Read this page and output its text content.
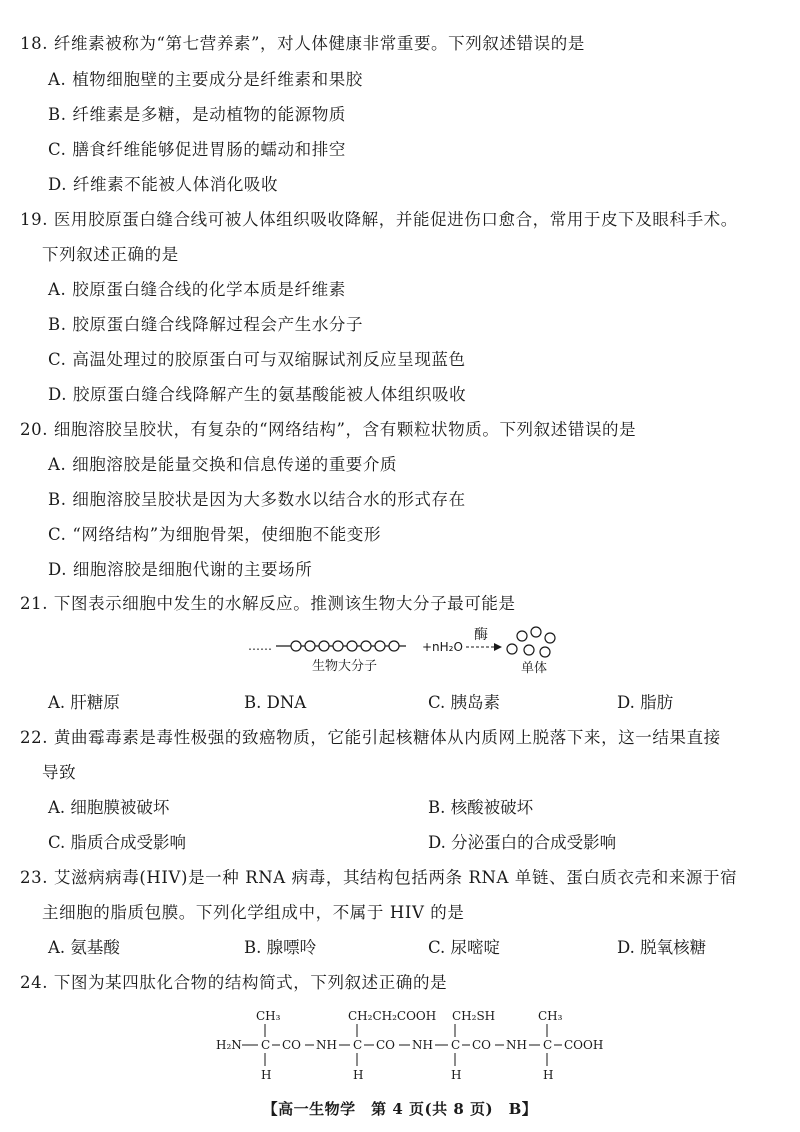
18. 纤维素被称为“第七营养素”，对人体健康非常重要。下列叙述错误的是
A. 植物细胞壁的主要成分是纤维素和果胶
B. 纤维素是多糖，是动植物的能源物质
C. 膳食纤维能够促进胃肠的蠕动和排空
D. 纤维素不能被人体消化吸收
19. 医用胶原蛋白缝合线可被人体组织吸收降解，并能促进伤口愈合，常用于皮下及眼科手术。
下列叙述正确的是
A. 胶原蛋白缝合线的化学本质是纤维素
B. 胶原蛋白缝合线降解过程会产生水分子
C. 高温处理过的胶原蛋白可与双缩脲试剂反应呈现蓝色
D. 胶原蛋白缝合线降解产生的氨基酸能被人体组织吸收
20. 细胞溶胶呈胶状，有复杂的“网络结构”，含有颗粒状物质。下列叙述错误的是
A. 细胞溶胶是能量交换和信息传递的重要介质
B. 细胞溶胶呈胶状是因为大多数水以结合水的形式存在
C. “网络结构”为细胞骨架，使细胞不能变形
D. 细胞溶胶是细胞代谢的主要场所
21. 下图表示细胞中发生的水解反应。推测该生物大分子最可能是
……
生物大分子
+nH₂O
酶
单体
A. 肝糖原	B. DNA	C. 胰岛素	D. 脂肪
22. 黄曲霉毒素是毒性极强的致癌物质，它能引起核糖体从内质网上脱落下来，这一结果直接
导致
A. 细胞膜被破坏	B. 核酸被破坏
C. 脂质合成受影响	D. 分泌蛋白的合成受影响
23. 艾滋病病毒(HIV)是一种 RNA 病毒，其结构包括两条 RNA 单链、蛋白质衣壳和来源于宿
主细胞的脂质包膜。下列化学组成中，不属于 HIV 的是
A. 氨基酸	B. 腺嘌呤	C. 尿嘧啶	D. 脱氧核糖
24. 下图为某四肽化合物的结构简式，下列叙述正确的是
CH₃	CH₂CH₂COOH CH₂SH	CH₃
H₂N C CO NH C CO NH C CO NH C COOH
H	H	H	H
【高一生物学　第 4 页(共 8 页)　B】
